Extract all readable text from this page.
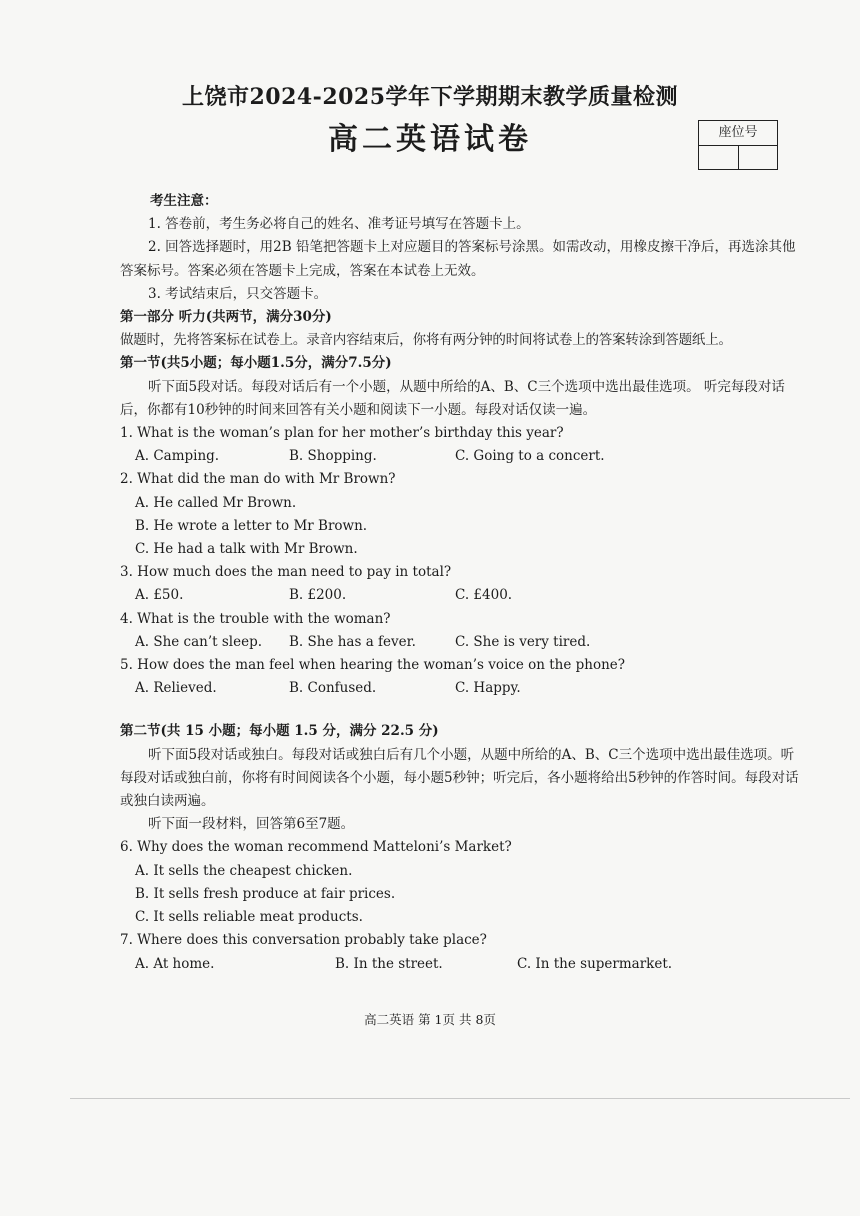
上饶市2024-2025学年下学期期末教学质量检测
高二英语试卷	座位号
考生注意：
1. 答卷前，考生务必将自己的姓名、准考证号填写在答题卡上。
2. 回答选择题时，用2B 铅笔把答题卡上对应题目的答案标号涂黑。如需改动，用橡皮擦干净后，再选涂其他答案标号。答案必须在答题卡上完成，答案在本试卷上无效。
3. 考试结束后，只交答题卡。
第一部分 听力(共两节，满分30分)
做题时，先将答案标在试卷上。录音内容结束后，你将有两分钟的时间将试卷上的答案转涂到答题纸上。
第一节(共5小题；每小题1.5分，满分7.5分)
听下面5段对话。每段对话后有一个小题，从题中所给的A、B、C三个选项中选出最佳选项。 听完每段对话后，你都有10秒钟的时间来回答有关小题和阅读下一小题。每段对话仅读一遍。
1. What is the woman’s plan for her mother’s birthday this year?
A. Camping.	B. Shopping.	C. Going to a concert.
2. What did the man do with Mr Brown?
A. He called Mr Brown.
B. He wrote a letter to Mr Brown.
C. He had a talk with Mr Brown.
3. How much does the man need to pay in total?
A. £50.	B. £200.	C. £400.
4. What is the trouble with the woman?
A. She can’t sleep.	B. She has a fever.	C. She is very tired.
5. How does the man feel when hearing the woman’s voice on the phone?
A. Relieved.	B. Confused.	C. Happy.
第二节(共 15 小题；每小题 1.5 分，满分 22.5 分)
听下面5段对话或独白。每段对话或独白后有几个小题，从题中所给的A、B、C三个选项中选出最佳选项。听每段对话或独白前，你将有时间阅读各个小题，每小题5秒钟；听完后，各小题将给出5秒钟的作答时间。每段对话或独白读两遍。
听下面一段材料，回答第6至7题。
6. Why does the woman recommend Matteloni’s Market?
A. It sells the cheapest chicken.
B. It sells fresh produce at fair prices.
C. It sells reliable meat products.
7. Where does this conversation probably take place?
A. At home.	B. In the street.	C. In the supermarket.
高二英语 第 1页 共 8页
